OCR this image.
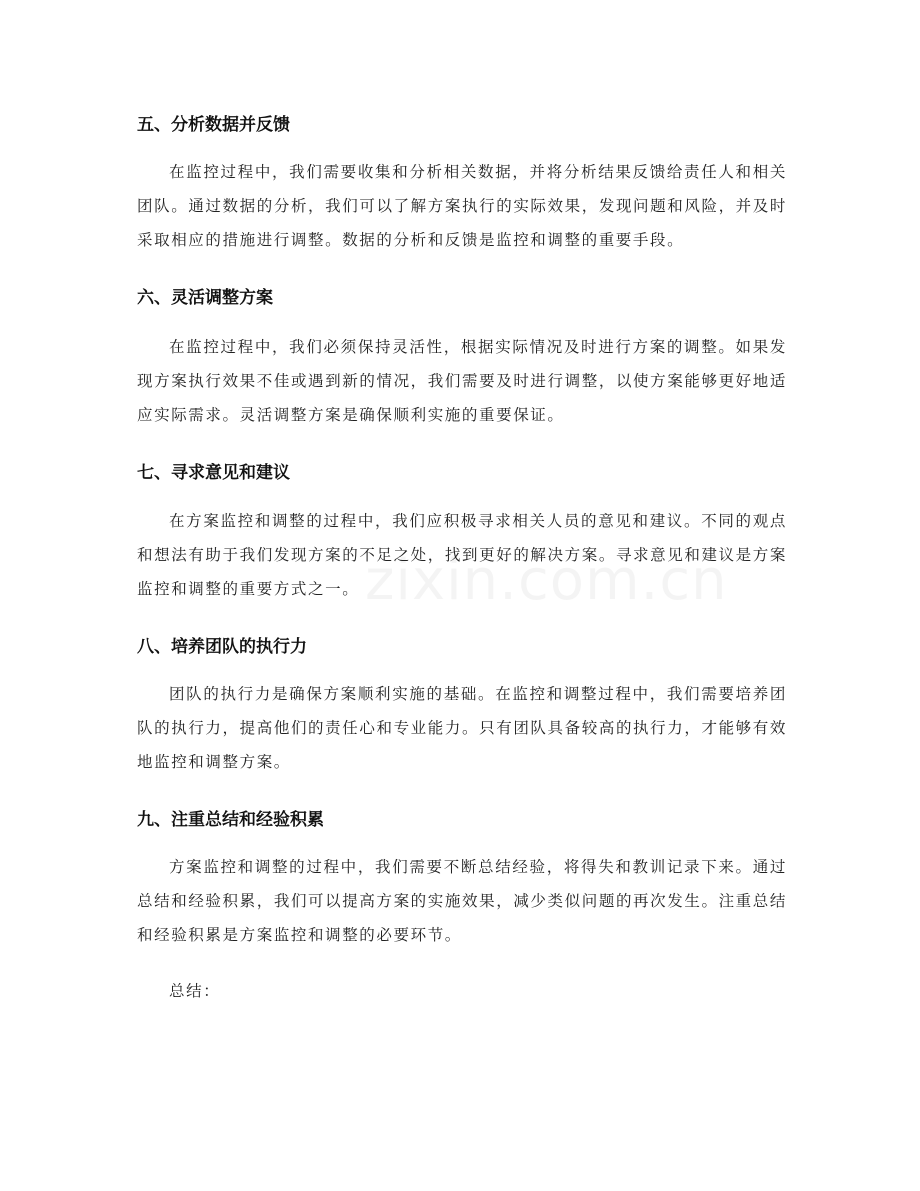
五、分析数据并反馈
在监控过程中，我们需要收集和分析相关数据，并将分析结果反馈给责任人和相关团队。通过数据的分析，我们可以了解方案执行的实际效果，发现问题和风险，并及时采取相应的措施进行调整。数据的分析和反馈是监控和调整的重要手段。
六、灵活调整方案
在监控过程中，我们必须保持灵活性，根据实际情况及时进行方案的调整。如果发现方案执行效果不佳或遇到新的情况，我们需要及时进行调整，以使方案能够更好地适应实际需求。灵活调整方案是确保顺利实施的重要保证。
七、寻求意见和建议
在方案监控和调整的过程中，我们应积极寻求相关人员的意见和建议。不同的观点和想法有助于我们发现方案的不足之处，找到更好的解决方案。寻求意见和建议是方案监控和调整的重要方式之一。
八、培养团队的执行力
团队的执行力是确保方案顺利实施的基础。在监控和调整过程中，我们需要培养团队的执行力，提高他们的责任心和专业能力。只有团队具备较高的执行力，才能够有效地监控和调整方案。
九、注重总结和经验积累
方案监控和调整的过程中，我们需要不断总结经验，将得失和教训记录下来。通过总结和经验积累，我们可以提高方案的实施效果，减少类似问题的再次发生。注重总结和经验积累是方案监控和调整的必要环节。
总结：
